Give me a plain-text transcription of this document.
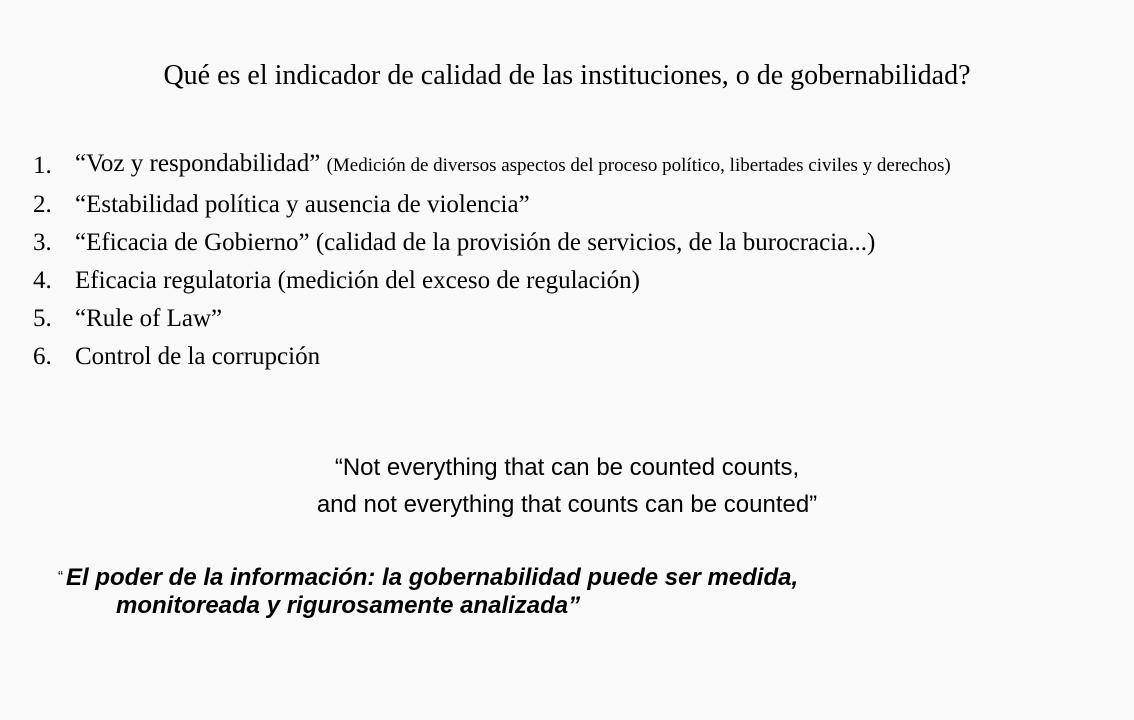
Qué es el indicador de calidad de las instituciones, o de gobernabilidad?
1. “Voz y respondabilidad” (Medición de diversos aspectos del proceso político, libertades civiles y derechos)
2. “Estabilidad política y ausencia de violencia”
3. “Eficacia de Gobierno” (calidad de la provisión de servicios, de la burocracia...)
4. Eficacia regulatoria (medición del exceso de regulación)
5. “Rule of Law”
6. Control de la corrupción
“Not everything that can be counted counts,
and not everything that counts can be counted”
“ El poder de la información: la gobernabilidad puede ser medida,
monitoreada y rigurosamente analizada”
